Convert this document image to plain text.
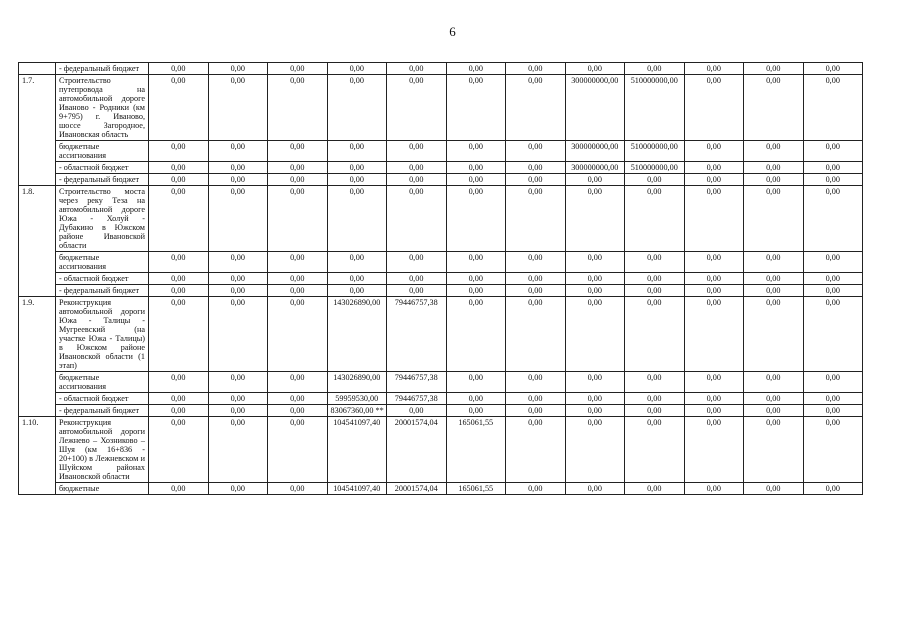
6
	- федеральный бюджет	0,00	0,00	0,00	0,00	0,00	0,00	0,00	0,00	0,00	0,00	0,00	0,00
1.7.	Строительство путепровода на автомобильной дороге Иваново - Родники (км 9+795) г. Иваново, шоссе Загородное, Ивановская область	0,00	0,00	0,00	0,00	0,00	0,00	0,00	300000000,00	510000000,00	0,00	0,00	0,00
	бюджетные ассигнования	0,00	0,00	0,00	0,00	0,00	0,00	0,00	300000000,00	510000000,00	0,00	0,00	0,00
	- областной бюджет	0,00	0,00	0,00	0,00	0,00	0,00	0,00	300000000,00	510000000,00	0,00	0,00	0,00
	- федеральный бюджет	0,00	0,00	0,00	0,00	0,00	0,00	0,00	0,00	0,00	0,00	0,00	0,00
1.8.	Строительство моста через реку Теза на автомобильной дороге Южа - Холуй - Дубакино в Южском районе Ивановской области	0,00	0,00	0,00	0,00	0,00	0,00	0,00	0,00	0,00	0,00	0,00	0,00
	бюджетные ассигнования	0,00	0,00	0,00	0,00	0,00	0,00	0,00	0,00	0,00	0,00	0,00	0,00
	- областной бюджет	0,00	0,00	0,00	0,00	0,00	0,00	0,00	0,00	0,00	0,00	0,00	0,00
	- федеральный бюджет	0,00	0,00	0,00	0,00	0,00	0,00	0,00	0,00	0,00	0,00	0,00	0,00
1.9.	Реконструкция автомобильной дороги Южа - Талицы - Мугреевский (на участке Южа - Талицы) в Южском районе Ивановской области (1 этап)	0,00	0,00	0,00	143026890,00	79446757,38	0,00	0,00	0,00	0,00	0,00	0,00	0,00
	бюджетные ассигнования	0,00	0,00	0,00	143026890,00	79446757,38	0,00	0,00	0,00	0,00	0,00	0,00	0,00
	- областной бюджет	0,00	0,00	0,00	59959530,00	79446757,38	0,00	0,00	0,00	0,00	0,00	0,00	0,00
	- федеральный бюджет	0,00	0,00	0,00	83067360,00 **	0,00	0,00	0,00	0,00	0,00	0,00	0,00	0,00
1.10.	Реконструкция автомобильной дороги Лежнево – Хозниково – Шуя (км 16+836 - 20+100) в Лежневском и Шуйском районах Ивановской области	0,00	0,00	0,00	104541097,40	20001574,04	165061,55	0,00	0,00	0,00	0,00	0,00	0,00
	бюджетные	0,00	0,00	0,00	104541097,40	20001574,04	165061,55	0,00	0,00	0,00	0,00	0,00	0,00
